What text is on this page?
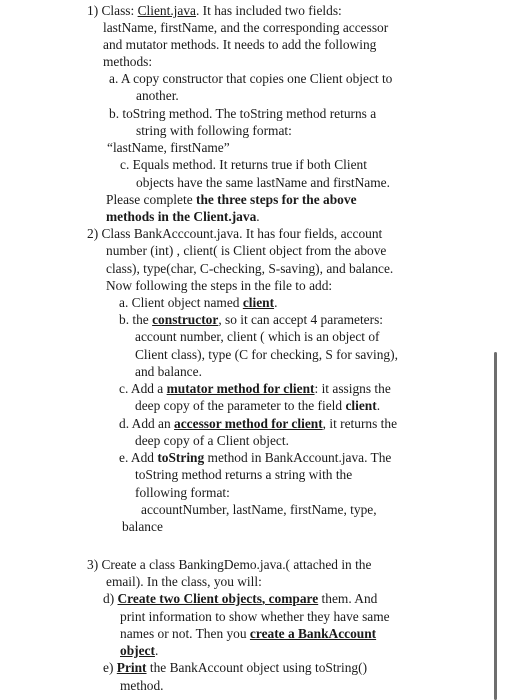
1) Class: Client.java. It has included two fields:
lastName, firstName, and the corresponding accessor
and mutator methods. It needs to add the following
methods:
a. A copy constructor that copies one Client object to
another.
b. toString method. The toString method returns a
string with following format:
“lastName, firstName”
c. Equals method. It returns true if both Client
objects have the same lastName and firstName.
Please complete the three steps for the above
methods in the Client.java.
2) Class BankAcccount.java. It has four fields, account
number (int) , client( is Client object from the above
class), type(char, C-checking, S-saving), and balance.
Now following the steps in the file to add:
a. Client object named client.
b. the constructor, so it can accept 4 parameters:
account number, client ( which is an object of
Client class), type (C for checking, S for saving),
and balance.
c. Add a mutator method for client: it assigns the
deep copy of the parameter to the field client.
d. Add an accessor method for client, it returns the
deep copy of a Client object.
e. Add toString method in BankAccount.java. The
toString method returns a string with the
following format:
accountNumber, lastName, firstName, type,
balance
3) Create a class BankingDemo.java.( attached in the
email). In the class, you will:
d) Create two Client objects, compare them. And
print information to show whether they have same
names or not. Then you create a BankAccount
object.
e) Print the BankAccount object using toString()
method.
